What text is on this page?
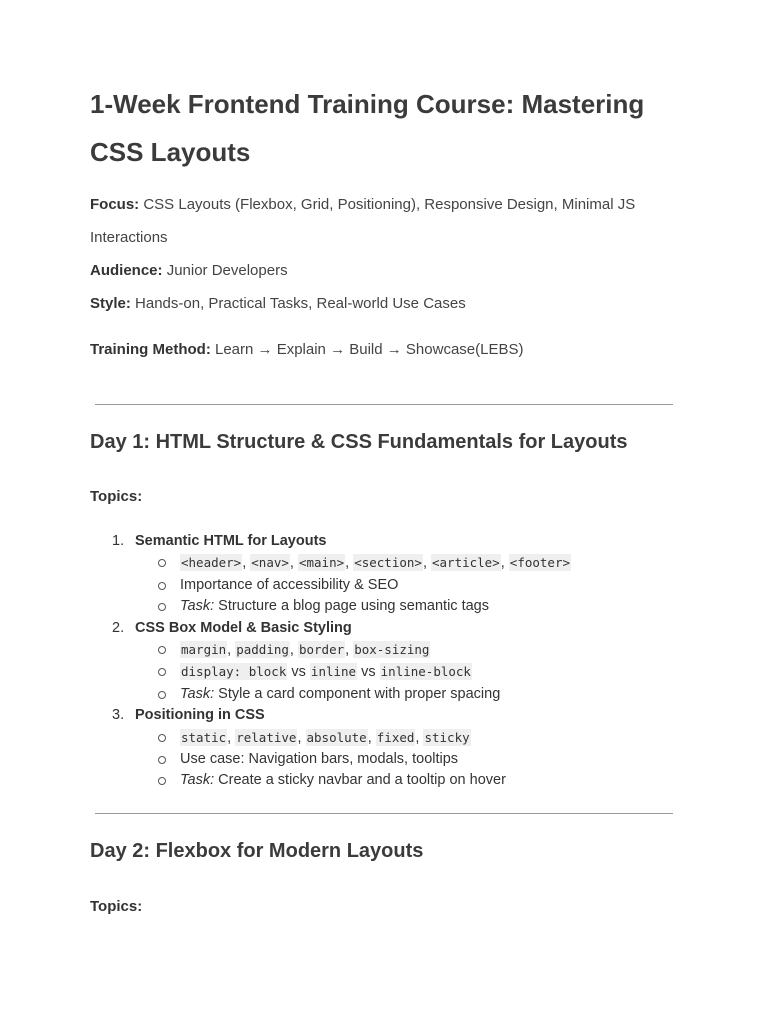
1-Week Frontend Training Course: Mastering CSS Layouts

Focus: CSS Layouts (Flexbox, Grid, Positioning), Responsive Design, Minimal JS Interactions

Audience: Junior Developers

Style: Hands-on, Practical Tasks, Real-world Use Cases

Training Method: Learn → Explain → Build → Showcase(LEBS)

Day 1: HTML Structure & CSS Fundamentals for Layouts

Topics:

1. Semantic HTML for Layouts
<header>, <nav>, <main>, <section>, <article>, <footer>
Importance of accessibility & SEO
Task: Structure a blog page using semantic tags
2. CSS Box Model & Basic Styling
margin, padding, border, box-sizing
display: block vs inline vs inline-block
Task: Style a card component with proper spacing
3. Positioning in CSS
static, relative, absolute, fixed, sticky
Use case: Navigation bars, modals, tooltips
Task: Create a sticky navbar and a tooltip on hover
Day 2: Flexbox for Modern Layouts

Topics:
